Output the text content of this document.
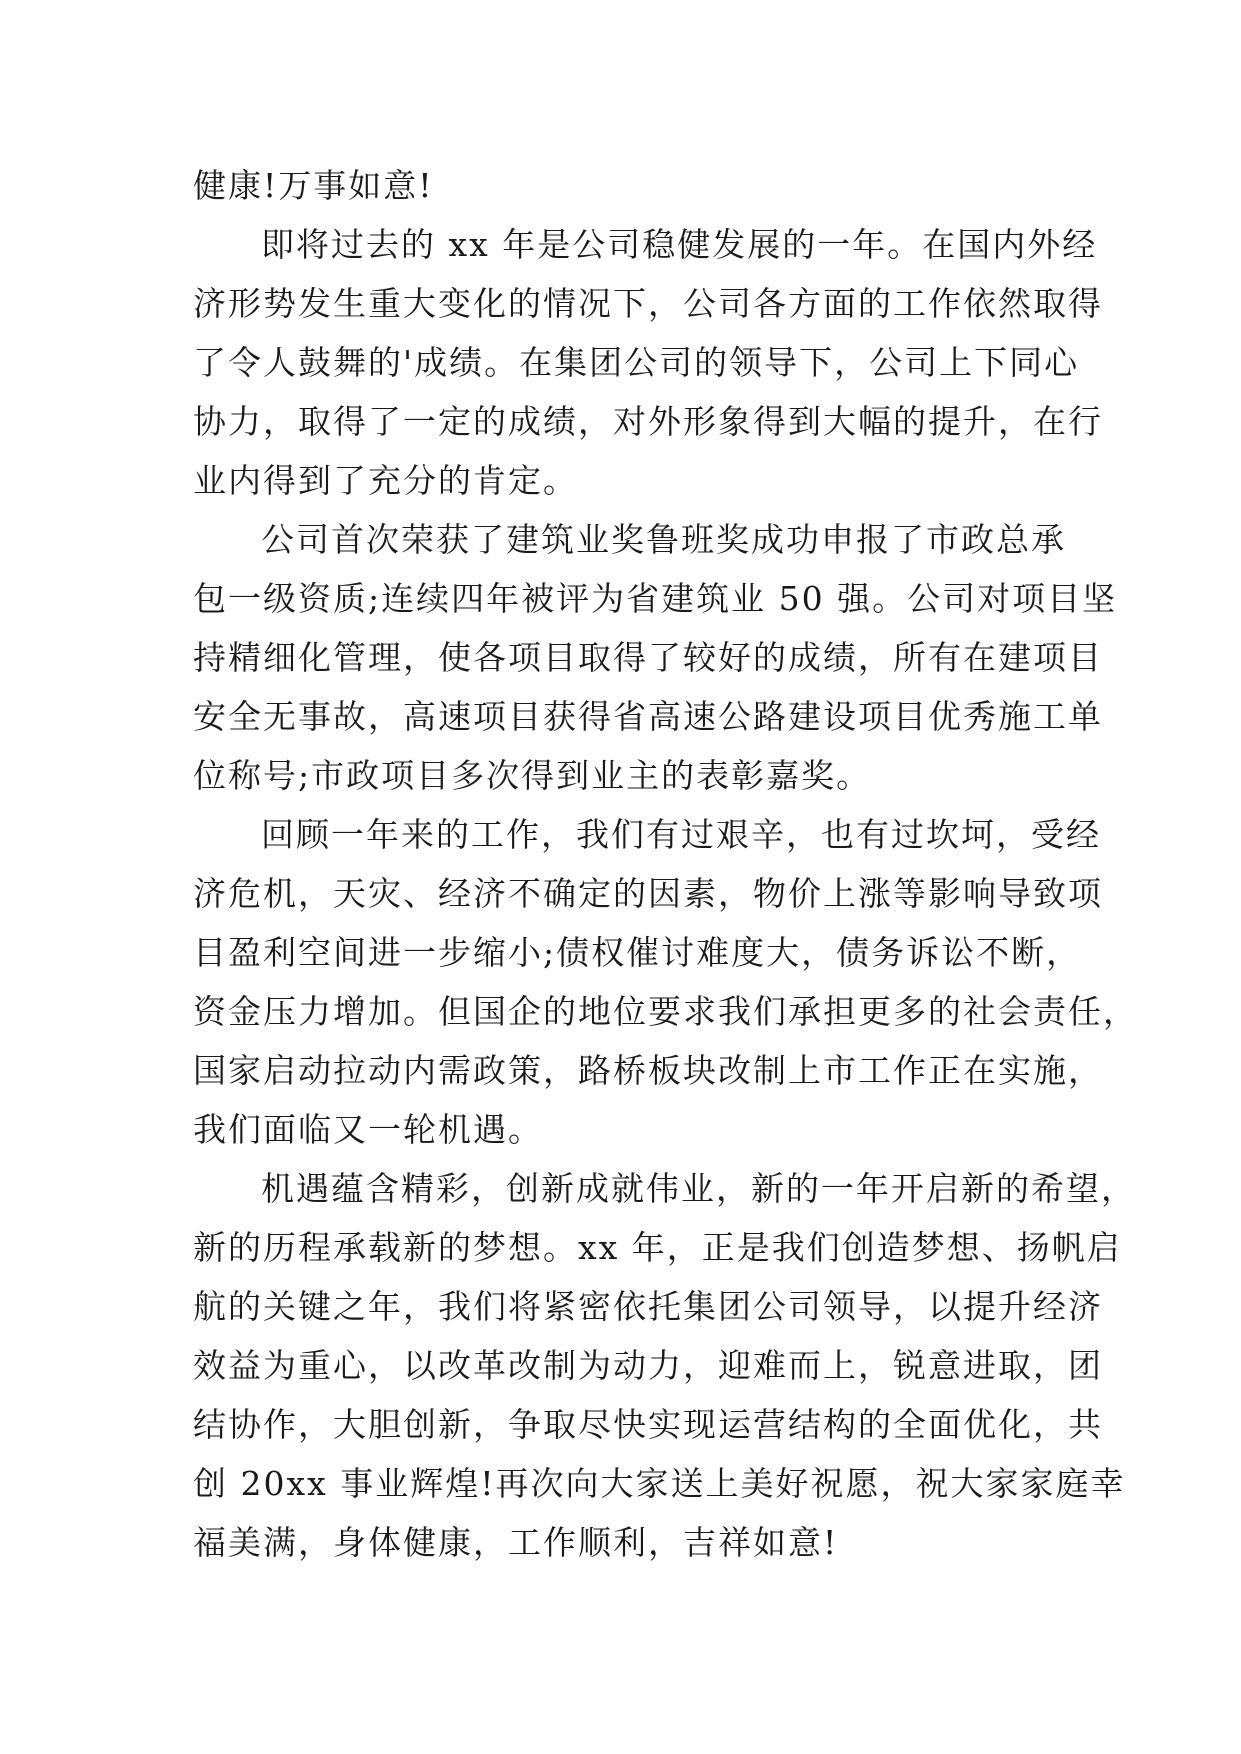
健康!万事如意!
即将过去的 xx 年是公司稳健发展的一年。在国内外经
济形势发生重大变化的情况下，公司各方面的工作依然取得
了令人鼓舞的'成绩。在集团公司的领导下，公司上下同心
协力，取得了一定的成绩，对外形象得到大幅的提升，在行
业内得到了充分的肯定。
公司首次荣获了建筑业奖鲁班奖成功申报了市政总承
包一级资质;连续四年被评为省建筑业 50 强。公司对项目坚
持精细化管理，使各项目取得了较好的成绩，所有在建项目
安全无事故，高速项目获得省高速公路建设项目优秀施工单
位称号;市政项目多次得到业主的表彰嘉奖。
回顾一年来的工作，我们有过艰辛，也有过坎坷，受经
济危机，天灾、经济不确定的因素，物价上涨等影响导致项
目盈利空间进一步缩小;债权催讨难度大，债务诉讼不断，
资金压力增加。但国企的地位要求我们承担更多的社会责任，
国家启动拉动内需政策，路桥板块改制上市工作正在实施，
我们面临又一轮机遇。
机遇蕴含精彩，创新成就伟业，新的一年开启新的希望，
新的历程承载新的梦想。xx 年，正是我们创造梦想、扬帆启
航的关键之年，我们将紧密依托集团公司领导，以提升经济
效益为重心，以改革改制为动力，迎难而上，锐意进取，团
结协作，大胆创新，争取尽快实现运营结构的全面优化，共
创 20xx 事业辉煌!再次向大家送上美好祝愿，祝大家家庭幸
福美满，身体健康，工作顺利，吉祥如意!
